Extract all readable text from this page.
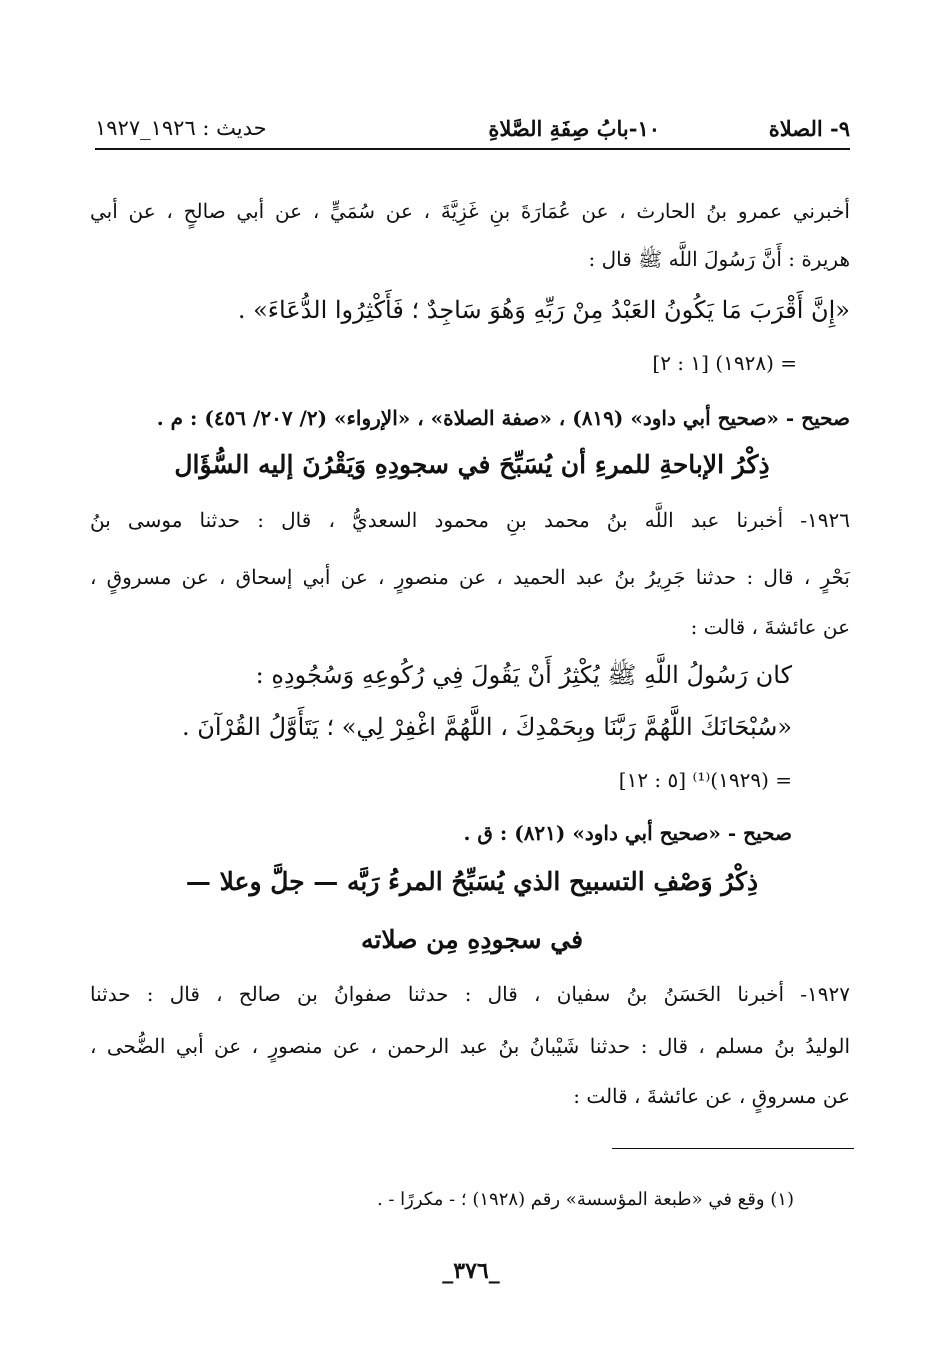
٩- الصلاة
١٠-بابُ صِفَةِ الصَّلاةِ
حديث : ١٩٢٦_١٩٢٧
أخبرني عمرو بنُ الحارث ، عن عُمَارَةَ بنِ غَزِيَّةَ ، عن سُمَيٍّ ، عن أبي صالحٍ ، عن أبي
هريرة : أَنَّ رَسُولَ اللَّه ﷺ قال :
«إِنَّ أَقْرَبَ مَا يَكُونُ العَبْدُ مِنْ رَبِّهِ وَهُوَ سَاجِدٌ ؛ فَأَكْثِرُوا الدُّعَاءَ» .
= (١٩٢٨) [١ : ٢]
صحيح - «صحيح أبي داود» (٨١٩) ، «صفة الصلاة» ، «الإرواء» (٢/ ٢٠٧/ ٤٥٦) : م .
ذِكْرُ الإباحةِ للمرءِ أن يُسَبِّحَ في سجودِهِ وَيَقْرُنَ إليه السُّؤَال
١٩٢٦- أخبرنا عبد اللَّه بنُ محمد بنِ محمود السعديُّ ، قال : حدثنا موسى بنُ
بَحْرٍ ، قال : حدثنا جَرِيرُ بنُ عبد الحميد ، عن منصورٍ ، عن أبي إسحاق ، عن مسروقٍ ،
عن عائشةَ ، قالت :
كان رَسُولُ اللَّهِ ﷺ يُكْثِرُ أَنْ يَقُولَ فِي رُكُوعِهِ وَسُجُودِهِ :
«سُبْحَانَكَ اللَّهُمَّ رَبَّنَا وبِحَمْدِكَ ، اللَّهُمَّ اغْفِرْ لِي» ؛ يَتَأَوَّلُ القُرْآنَ .
= (١٩٢٩)⁽¹⁾ [٥ : ١٢]
صحيح - «صحيح أبي داود» (٨٢١) : ق .
ذِكْرُ وَصْفِ التسبيح الذي يُسَبِّحُ المرءُ رَبَّه — جلَّ وعلا —
في سجودِهِ مِن صلاته
١٩٢٧- أخبرنا الحَسَنُ بنُ سفيان ، قال : حدثنا صفوانُ بن صالح ، قال : حدثنا
الوليدُ بنُ مسلم ، قال : حدثنا شَيْبانُ بنُ عبد الرحمن ، عن منصورٍ ، عن أبي الضُّحى ،
عن مسروقٍ ، عن عائشةَ ، قالت :
(١) وقع في «طبعة المؤسسة» رقم (١٩٢٨) ؛ - مكررًا - .
_٣٧٦_
